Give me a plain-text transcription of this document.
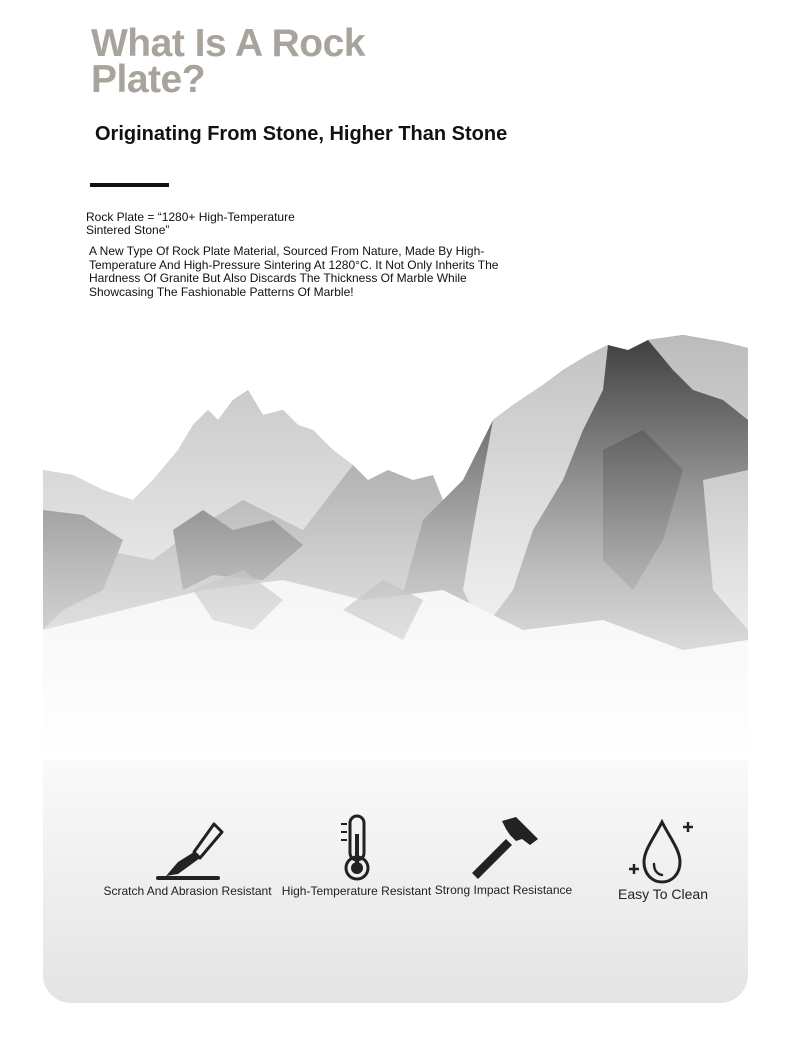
What Is A Rock Plate?
Originating From Stone, Higher Than Stone

Rock Plate = “1280+ High-Temperature Sintered Stone”

A New Type Of Rock Plate Material, Sourced From Nature, Made By High-Temperature And High-Pressure Sintering At 1280°C. It Not Only Inherits The Hardness Of Granite But Also Discards The Thickness Of Marble While Showcasing The Fashionable Patterns Of Marble!

Scratch And Abrasion Resistant High-Temperature Resistant Strong Impact Resistance	Easy To Clean
